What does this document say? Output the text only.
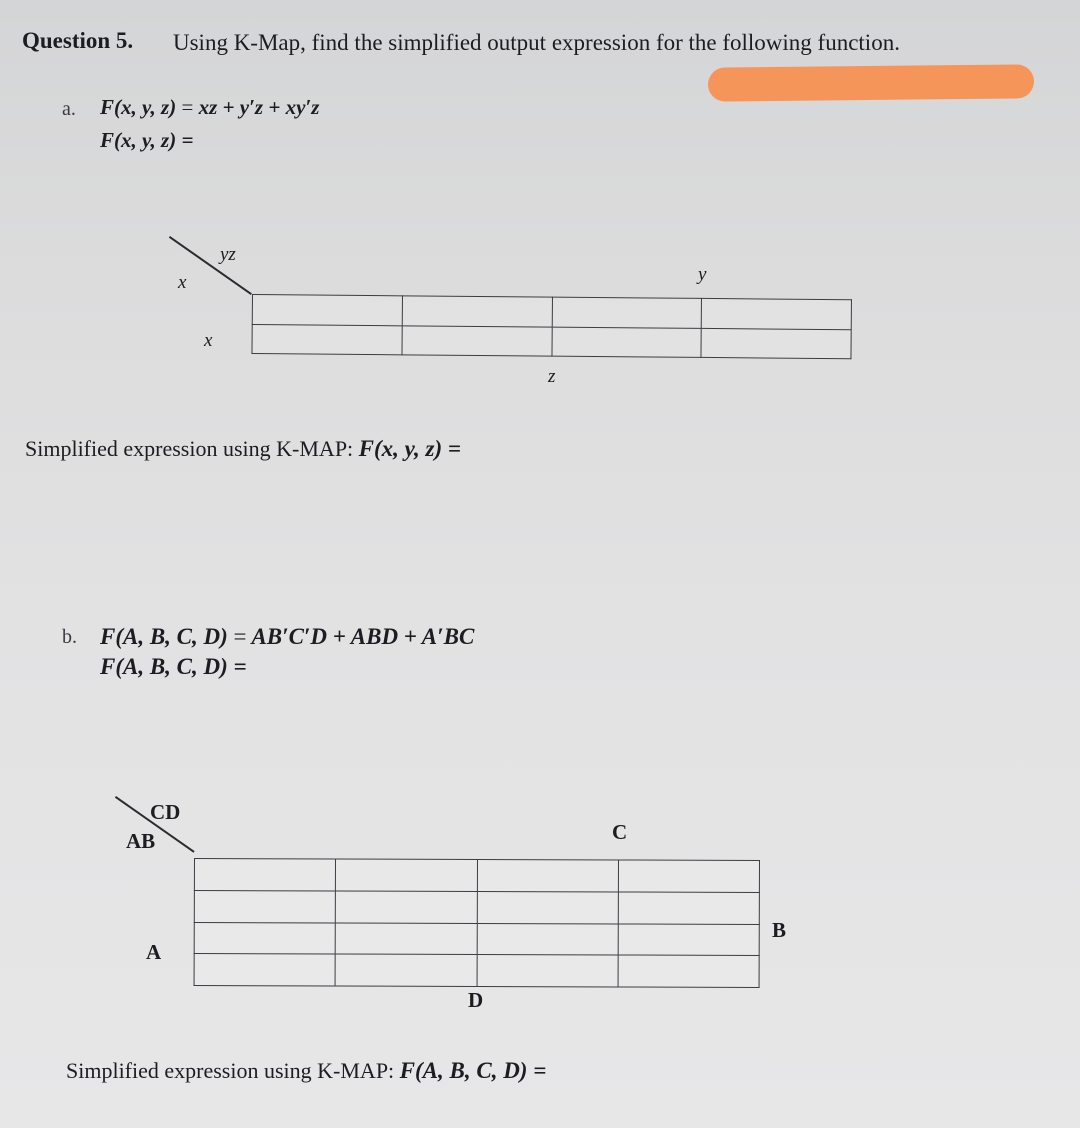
Question 5. Using K-Map, find the simplified output expression for the following function.
a. F(x, y, z) = xz + y′z + xy′z
F(x, y, z) =
yz
x	y
x
z

Simplified expression using K-MAP: F(x, y, z) =
b. F(A, B, C, D) = AB′C′D + ABD + A′BC
F(A, B, C, D) =
CD
AB	C
A
B
D

Simplified expression using K-MAP: F(A, B, C, D) =
